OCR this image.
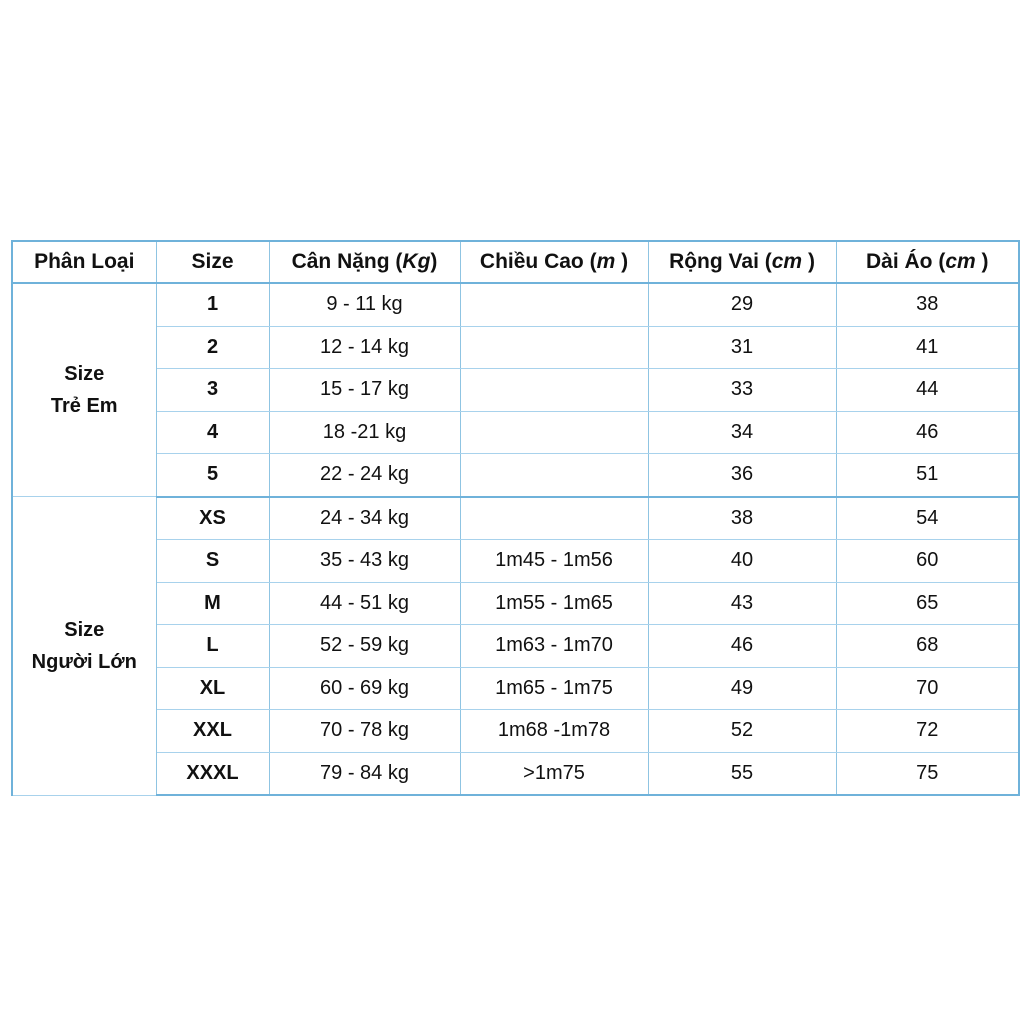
Phân Loại	Size	Cân Nặng (Kg)	Chiều Cao (m )	Rộng Vai (cm )	Dài Áo (cm )

Size
Trẻ Em	1	9 - 11 kg		29	38
	2	12 - 14 kg		31	41
	3	15 - 17 kg		33	44
	4	18 -21 kg		34	46
	5	22 - 24 kg		36	51

Size
Người Lớn	XS	24 - 34 kg		38	54
	S	35 - 43 kg	1m45 - 1m56	40	60
	M	44 - 51 kg	1m55 - 1m65	43	65
	L	52 - 59 kg	1m63 - 1m70	46	68
	XL	60 - 69 kg	1m65 - 1m75	49	70
	XXL	70 - 78 kg	1m68 -1m78	52	72
	XXXL	79 - 84 kg	>1m75	55	75
